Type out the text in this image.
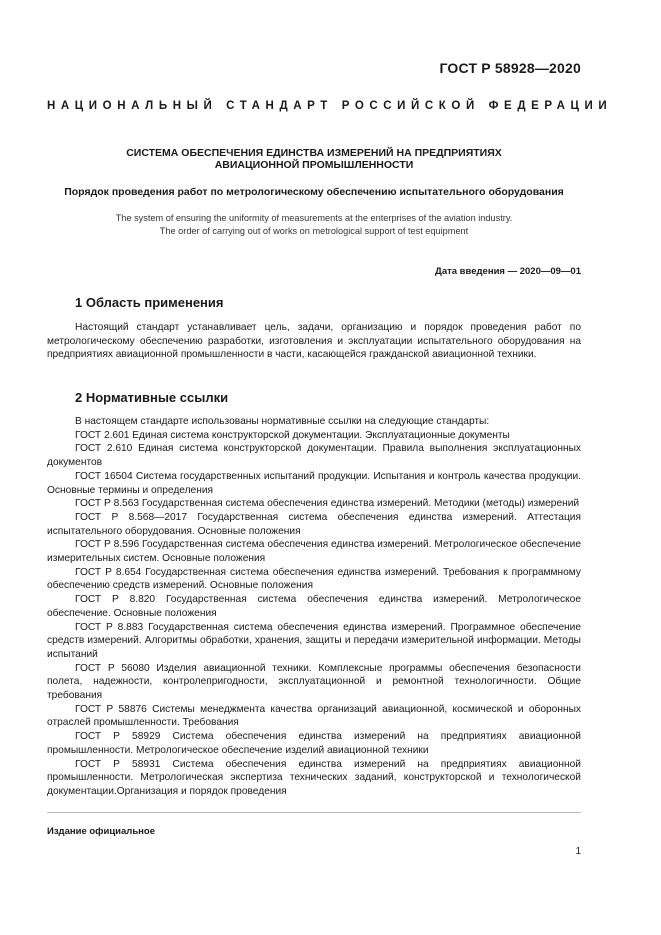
ГОСТ Р 58928—2020
НАЦИОНАЛЬНЫЙ СТАНДАРТ РОССИЙСКОЙ ФЕДЕРАЦИИ
СИСТЕМА ОБЕСПЕЧЕНИЯ ЕДИНСТВА ИЗМЕРЕНИЙ НА ПРЕДПРИЯТИЯХ
АВИАЦИОННОЙ ПРОМЫШЛЕННОСТИ
Порядок проведения работ по метрологическому обеспечению испытательного оборудования
The system of ensuring the uniformity of measurements at the enterprises of the aviation industry.
The order of carrying out of works on metrological support of test equipment
Дата введения — 2020—09—01
1 Область применения
Настоящий стандарт устанавливает цель, задачи, организацию и порядок проведения работ по метрологическому обеспечению разработки, изготовления и эксплуатации испытательного оборудования на предприятиях авиационной промышленности в части, касающейся гражданской авиационной техники.
2 Нормативные ссылки
В настоящем стандарте использованы нормативные ссылки на следующие стандарты:
ГОСТ 2.601 Единая система конструкторской документации. Эксплуатационные документы
ГОСТ 2.610 Единая система конструкторской документации. Правила выполнения эксплуатационных документов
ГОСТ 16504 Система государственных испытаний продукции. Испытания и контроль качества продукции. Основные термины и определения
ГОСТ Р 8.563 Государственная система обеспечения единства измерений. Методики (методы) измерений
ГОСТ Р 8.568—2017 Государственная система обеспечения единства измерений. Аттестация испытательного оборудования. Основные положения
ГОСТ Р 8.596 Государственная система обеспечения единства измерений. Метрологическое обеспечение измерительных систем. Основные положения
ГОСТ Р 8.654 Государственная система обеспечения единства измерений. Требования к программному обеспечению средств измерений. Основные положения
ГОСТ Р 8.820 Государственная система обеспечения единства измерений. Метрологическое обеспечение. Основные положения
ГОСТ Р 8.883 Государственная система обеспечения единства измерений. Программное обеспечение средств измерений. Алгоритмы обработки, хранения, защиты и передачи измерительной информации. Методы испытаний
ГОСТ Р 56080 Изделия авиационной техники. Комплексные программы обеспечения безопасности полета, надежности, контролепригодности, эксплуатационной и ремонтной технологичности. Общие требования
ГОСТ Р 58876 Системы менеджмента качества организаций авиационной, космической и оборонных отраслей промышленности. Требования
ГОСТ Р 58929 Система обеспечения единства измерений на предприятиях авиационной промышленности. Метрологическое обеспечение изделий авиационной техники
ГОСТ Р 58931 Система обеспечения единства измерений на предприятиях авиационной промышленности. Метрологическая экспертиза технических заданий, конструкторской и технологической документации.Организация и порядок проведения
Издание официальное
1
